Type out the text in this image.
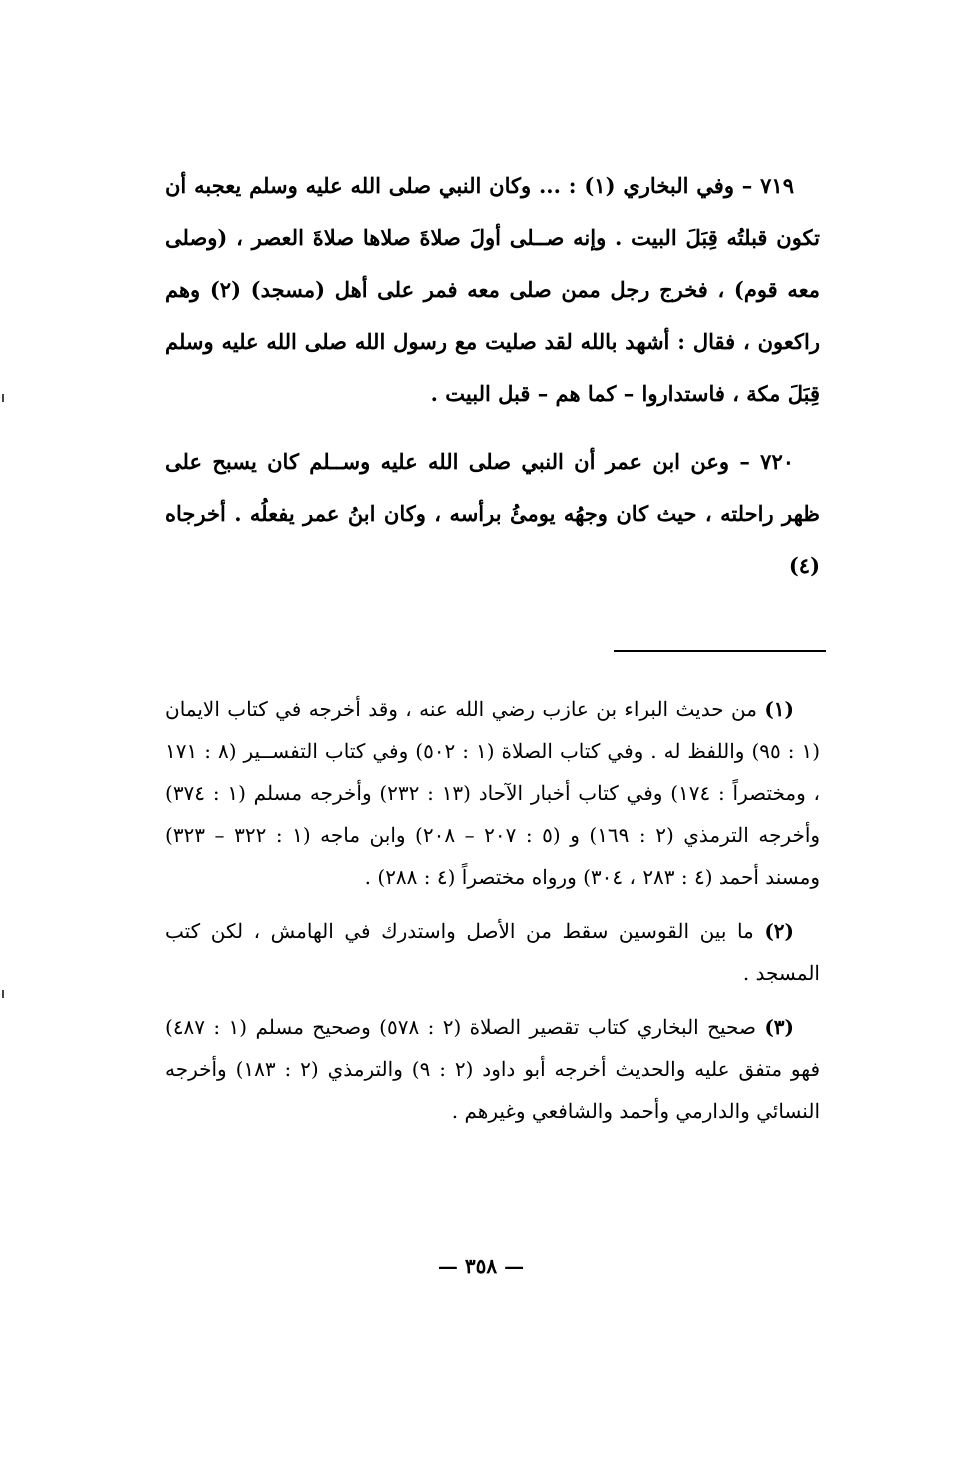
٧١٩ – وفي البخاري (١) : ... وكان النبي صلى الله عليه وسلم يعجبه أن تكون قبلتُه قِبَلَ البيت . وإنه صــلى أولَ صلاةَ صلاها صلاةَ العصر ، (وصلى معه قوم) ، فخرج رجل ممن صلى معه فمر على أهل (مسجد) (٢) وهم راكعون ، فقال : أشهد بالله لقد صليت مع رسول الله صلى الله عليه وسلم قِبَلَ مكة ، فاستداروا – كما هم – قبل البيت .

٧٢٠ – وعن ابن عمر أن النبي صلى الله عليه وســلم كان يسبح على ظهر راحلته ، حيث كان وجهُه يومئُ برأسه ، وكان ابنُ عمر يفعلُه . أخرجاه (٤)

(١) من حديث البراء بن عازب رضي الله عنه ، وقد أخرجه في كتاب الايمان (١ : ٩٥) واللفظ له . وفي كتاب الصلاة (١ : ٥٠٢) وفي كتاب التفســير (٨ : ١٧١ ، ومختصراً : ١٧٤) وفي كتاب أخبار الآحاد (١٣ : ٢٣٢) وأخرجه مسلم (١ : ٣٧٤) وأخرجه الترمذي (٢ : ١٦٩) و (٥ : ٢٠٧ – ٢٠٨) وابن ماجه (١ : ٣٢٢ – ٣٢٣) ومسند أحمد (٤ : ٢٨٣ ، ٣٠٤) ورواه مختصراً (٤ : ٢٨٨) .

(٢) ما بين القوسين سقط من الأصل واستدرك في الهامش ، لكن كتب المسجد .

(٣) صحيح البخاري كتاب تقصير الصلاة (٢ : ٥٧٨) وصحيح مسلم (١ : ٤٨٧) فهو متفق عليه والحديث أخرجه أبو داود (٢ : ٩) والترمذي (٢ : ١٨٣) وأخرجه النسائي والدارمي وأحمد والشافعي وغيرهم .

— ٣٥٨ —
